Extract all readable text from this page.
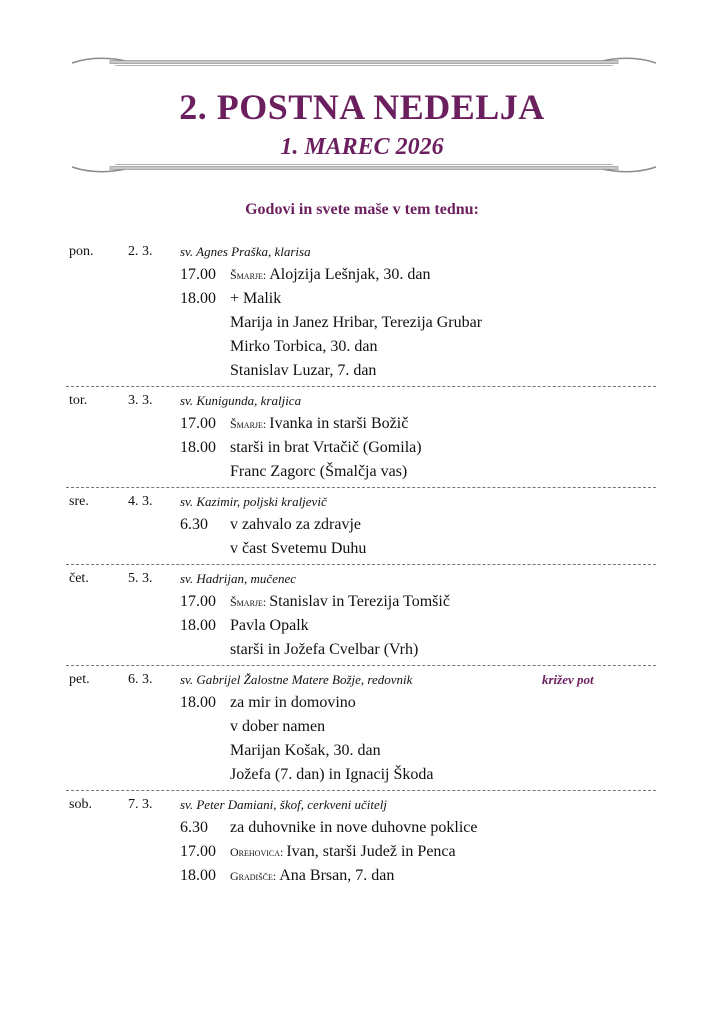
2. POSTNA NEDELJA
1. MAREC 2026
Godovi in svete maše v tem tednu:
pon. 2. 3. sv. Agnes Praška, klarisa
17.00 Šmarje: Alojzija Lešnjak, 30. dan
18.00 + Malik
Marija in Janez Hribar, Terezija Grubar
Mirko Torbica, 30. dan
Stanislav Luzar, 7. dan
tor.	3. 3. sv. Kunigunda, kraljica
17.00 Šmarje: Ivanka in starši Božič
18.00 starši in brat Vrtačič (Gomila)
Franc Zagorc (Šmalčja vas)
sre.	4. 3. sv. Kazimir, poljski kraljevič
6.30 v zahvalo za zdravje
v čast Svetemu Duhu
čet.	5. 3. sv. Hadrijan, mučenec
17.00 Šmarje: Stanislav in Terezija Tomšič
18.00 Pavla Opalk
starši in Jožefa Cvelbar (Vrh)
pet.	6. 3. sv. Gabrijel Žalostne Matere Božje, redovnik	križev pot
18.00 za mir in domovino
v dober namen
Marijan Košak, 30. dan
Jožefa (7. dan) in Ignacij Škoda
sob.	7. 3. sv. Peter Damiani, škof, cerkveni učitelj
6.30 za duhovnike in nove duhovne poklice
17.00 Orehovica: Ivan, starši Judež in Penca
18.00 Gradišče: Ana Brsan, 7. dan
